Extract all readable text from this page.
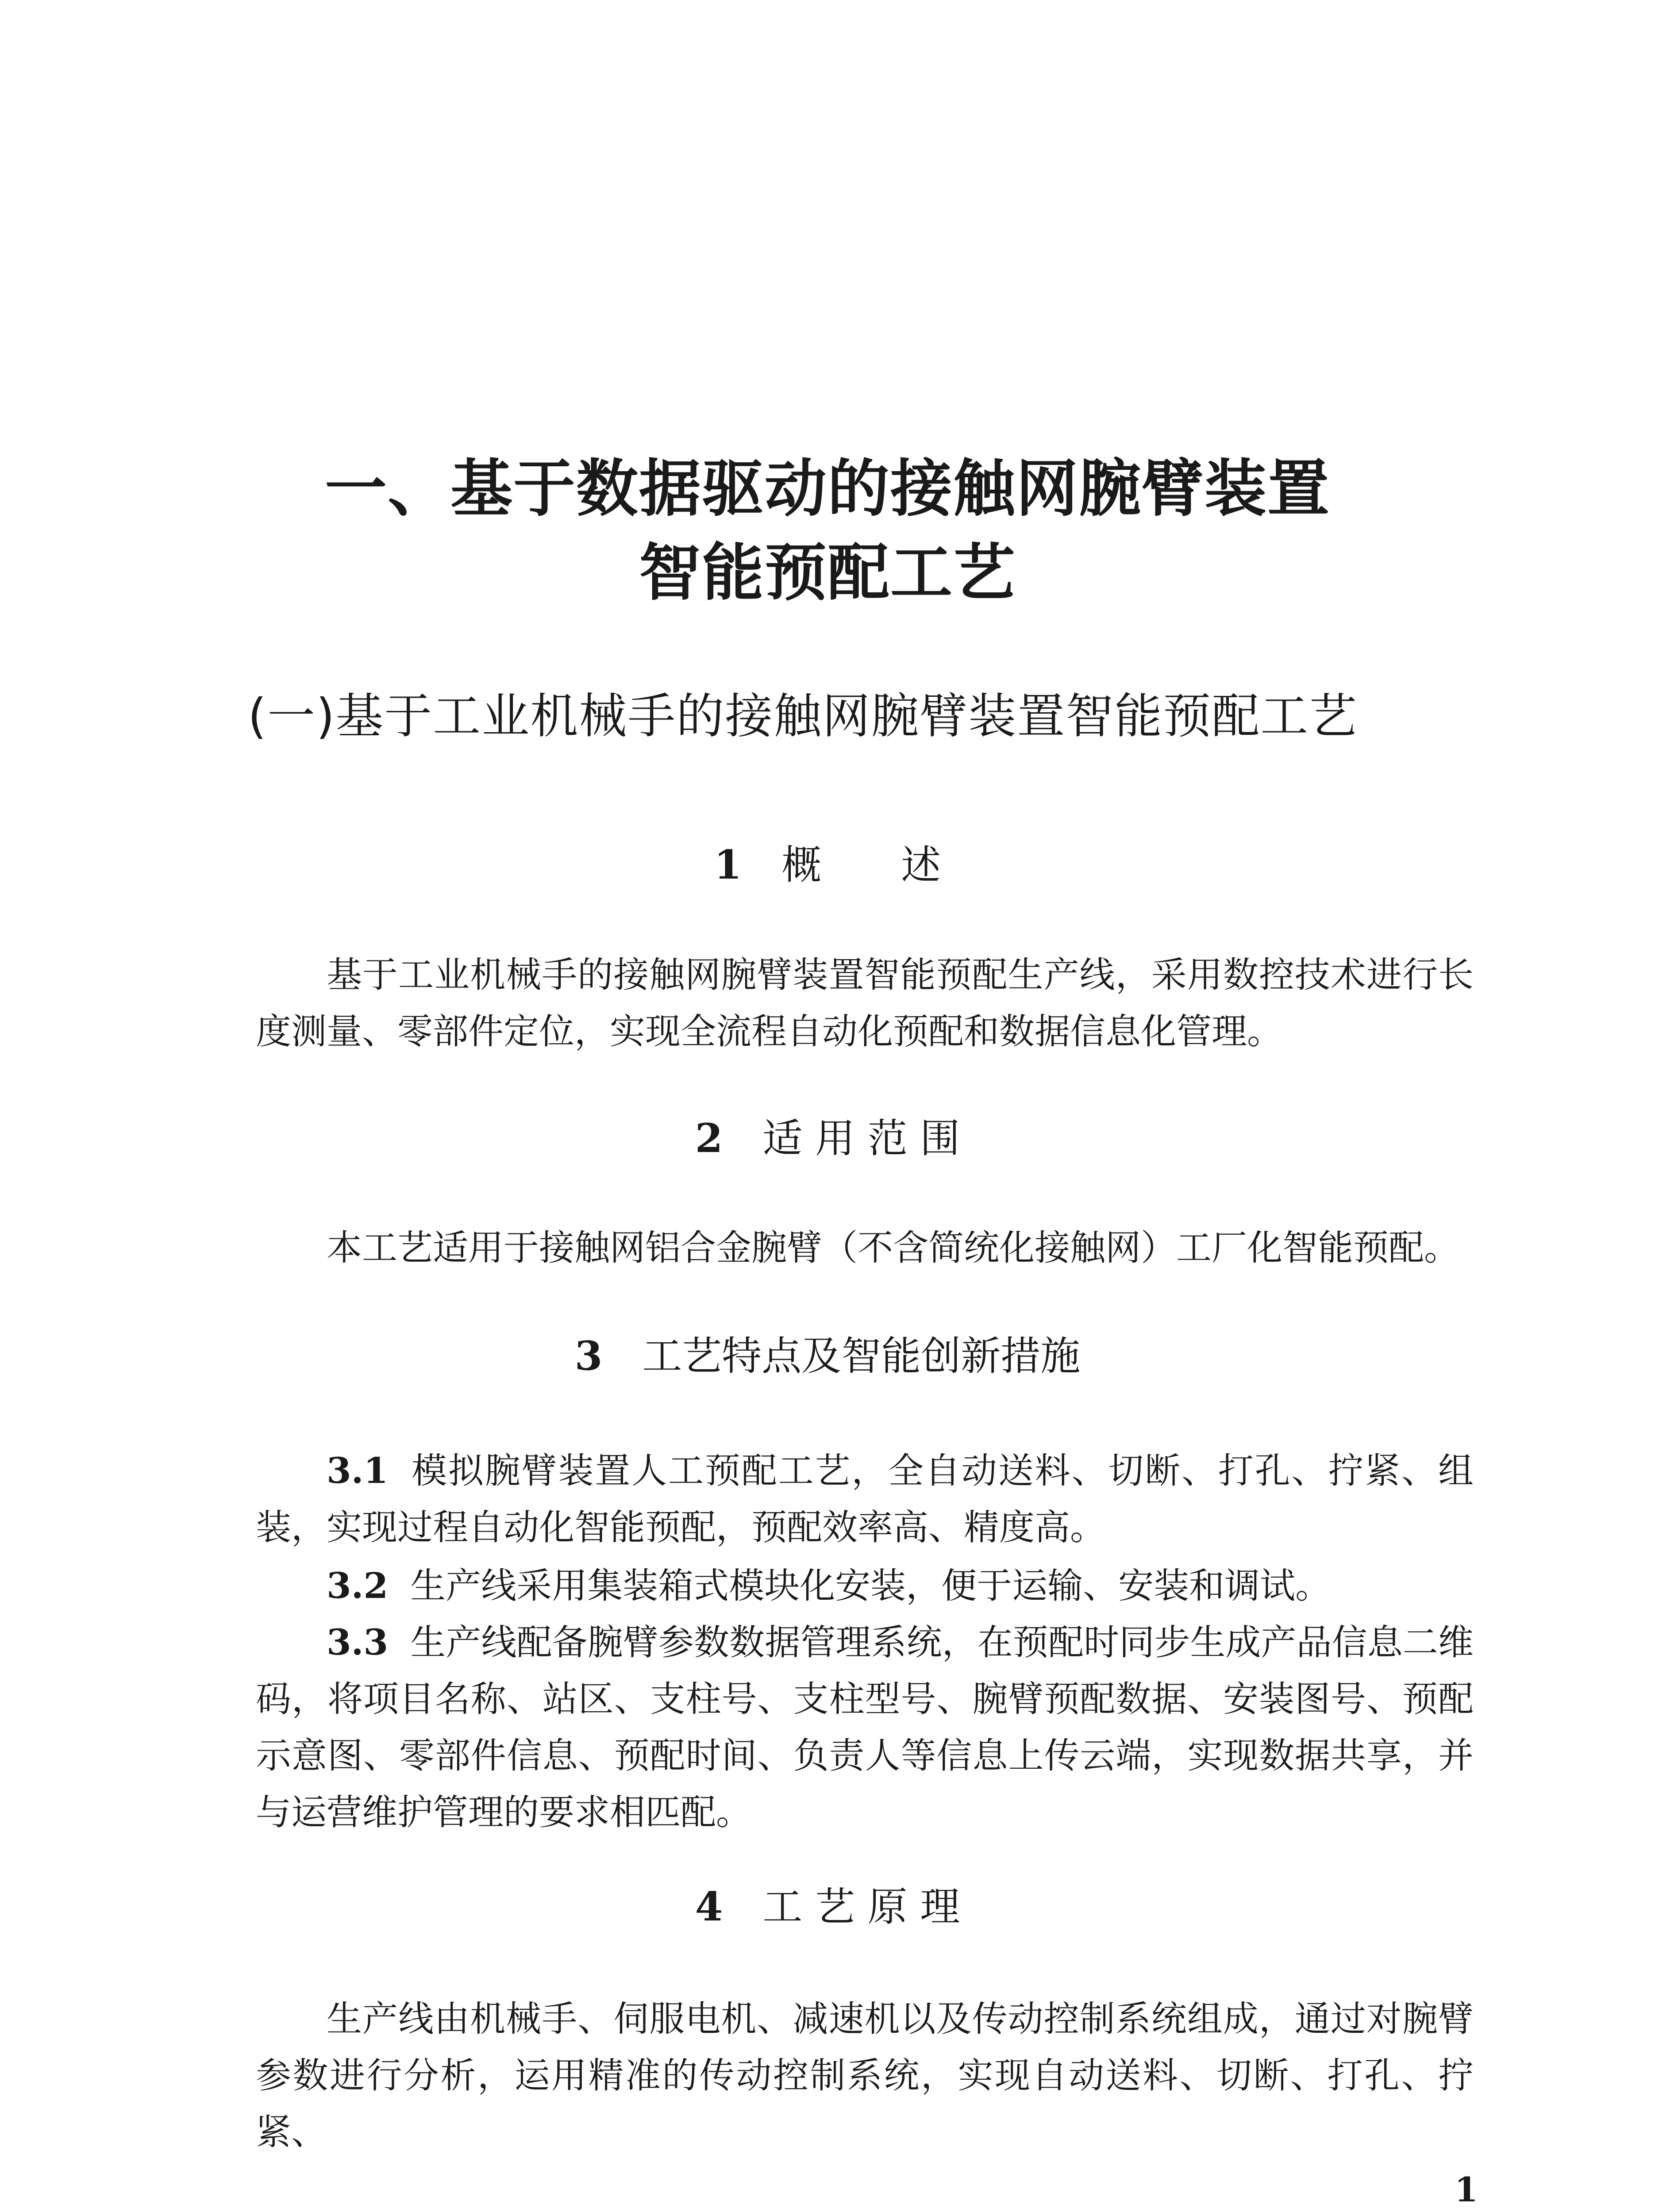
一、基于数据驱动的接触网腕臂装置
智能预配工艺
(一)基于工业机械手的接触网腕臂装置智能预配工艺
1 概　　述
基于工业机械手的接触网腕臂装置智能预配生产线，采用数控技术进行长度测量、零部件定位，实现全流程自动化预配和数据信息化管理。
2 适 用 范 围
本工艺适用于接触网铝合金腕臂（不含简统化接触网）工厂化智能预配。
3 工艺特点及智能创新措施
3.1 模拟腕臂装置人工预配工艺，全自动送料、切断、打孔、拧紧、组装，实现过程自动化智能预配，预配效率高、精度高。
3.2 生产线采用集装箱式模块化安装，便于运输、安装和调试。
3.3 生产线配备腕臂参数数据管理系统，在预配时同步生成产品信息二维码，将项目名称、站区、支柱号、支柱型号、腕臂预配数据、安装图号、预配示意图、零部件信息、预配时间、负责人等信息上传云端，实现数据共享，并与运营维护管理的要求相匹配。
4 工 艺 原 理
生产线由机械手、伺服电机、减速机以及传动控制系统组成，通过对腕臂参数进行分析，运用精准的传动控制系统，实现自动送料、切断、打孔、拧紧、
1
